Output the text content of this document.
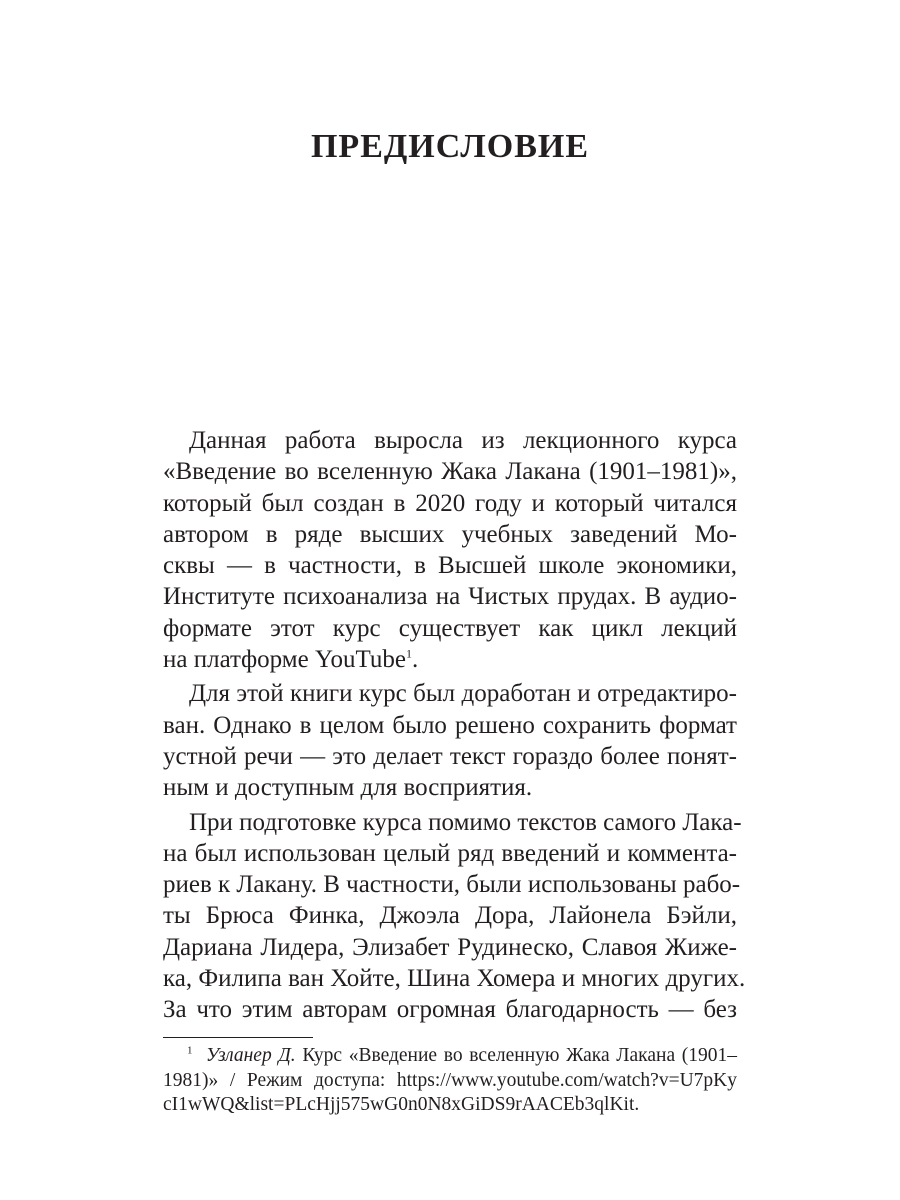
ПРЕДИСЛОВИЕ

Данная работа выросла из лекционного курса
«Введение во вселенную Жака Лакана (1901–1981)»,
который был создан в 2020 году и который читался
автором в ряде высших учебных заведений Мо-
сквы — в частности, в Высшей школе экономики,
Институте психоанализа на Чистых прудах. В аудио-
формате этот курс существует как цикл лекций
на платформе YouTube$^1$.

Для этой книги курс был доработан и отредактиро-
ван. Однако в целом было решено сохранить формат
устной речи — это делает текст гораздо более понят-
ным и доступным для восприятия.

При подготовке курса помимо текстов самого Лака-
на был использован целый ряд введений и коммента-
риев к Лакану. В частности, были использованы рабо-
ты Брюса Финка, Джоэла Дора, Лайонела Бэйли,
Дариана Лидера, Элизабет Рудинеско, Славоя Жиже-
ка, Филипа ван Хойте, Шина Хомера и многих других.
За что этим авторам огромная благодарность — без

$^1$ Узланер Д. Курс «Введение во вселенную Жака Лакана (1901–
1981)» / Режим доступа: https://www.youtube.com/watch?v=U7pKy
cI1wWQ&list=PLcHjj575wG0n0N8xGiDS9rAACEb3qlKit.
